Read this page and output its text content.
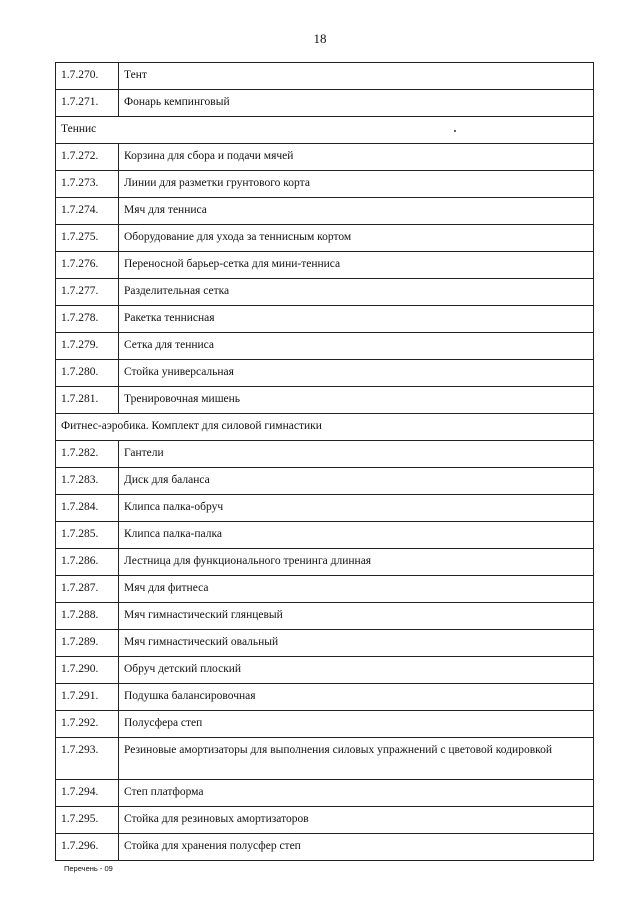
18
1.7.270.	Тент
1.7.271.	Фонарь кемпинговый
Теннис	
1.7.272.	Корзина для сбора и подачи мячей
1.7.273.	Линии для разметки грунтового корта
1.7.274.	Мяч для тенниса
1.7.275.	Оборудование для ухода за теннисным кортом
1.7.276.	Переносной барьер-сетка для мини-тенниса
1.7.277.	Разделительная сетка
1.7.278.	Ракетка теннисная
1.7.279.	Сетка для тенниса
1.7.280.	Стойка универсальная
1.7.281.	Тренировочная мишень
Фитнес-аэробика. Комплект для силовой гимнастики	
1.7.282.	Гантели
1.7.283.	Диск для баланса
1.7.284.	Клипса палка-обруч
1.7.285.	Клипса палка-палка
1.7.286.	Лестница для функционального тренинга длинная
1.7.287.	Мяч для фитнеса
1.7.288.	Мяч гимнастический глянцевый
1.7.289.	Мяч гимнастический овальный
1.7.290.	Обруч детский плоский
1.7.291.	Подушка балансировочная
1.7.292.	Полусфера степ
1.7.293.	Резиновые амортизаторы для выполнения силовых упражнений с цветовой кодировкой
1.7.294.	Степ платформа
1.7.295.	Стойка для резиновых амортизаторов
1.7.296.	Стойка для хранения полусфер степ
Перечень - 09
